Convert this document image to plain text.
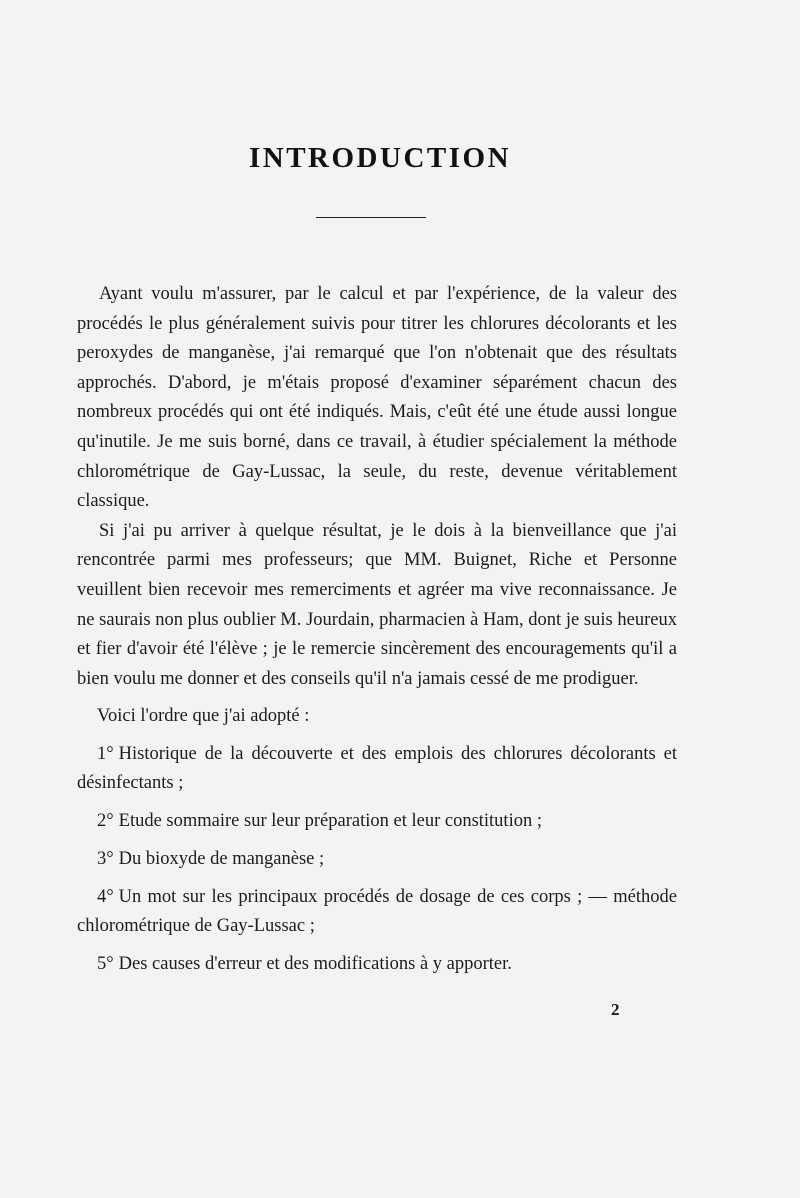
INTRODUCTION

Ayant voulu m'assurer, par le calcul et par l'expérience, de la valeur des procédés le plus généralement suivis pour titrer les chlorures décolorants et les peroxydes de manganèse, j'ai remarqué que l'on n'obtenait que des résultats approchés. D'abord, je m'étais proposé d'examiner séparément chacun des nombreux procédés qui ont été indiqués. Mais, c'eût été une étude aussi longue qu'inutile. Je me suis borné, dans ce travail, à étudier spécialement la méthode chlorométrique de Gay-Lussac, la seule, du reste, devenue véritablement classique.

Si j'ai pu arriver à quelque résultat, je le dois à la bienveillance que j'ai rencontrée parmi mes professeurs; que MM. Buignet, Riche et Personne veuillent bien recevoir mes remerciments et agréer ma vive reconnaissance. Je ne saurais non plus oublier M. Jourdain, pharmacien à Ham, dont je suis heureux et fier d'avoir été l'élève ; je le remercie sincèrement des encouragements qu'il a bien voulu me donner et des conseils qu'il n'a jamais cessé de me prodiguer.

Voici l'ordre que j'ai adopté :

1° Historique de la découverte et des emplois des chlorures décolorants et désinfectants ;
2° Etude sommaire sur leur préparation et leur constitution ;
3° Du bioxyde de manganèse ;
4° Un mot sur les principaux procédés de dosage de ces corps ; — méthode chlorométrique de Gay-Lussac ;
5° Des causes d'erreur et des modifications à y apporter.
2
